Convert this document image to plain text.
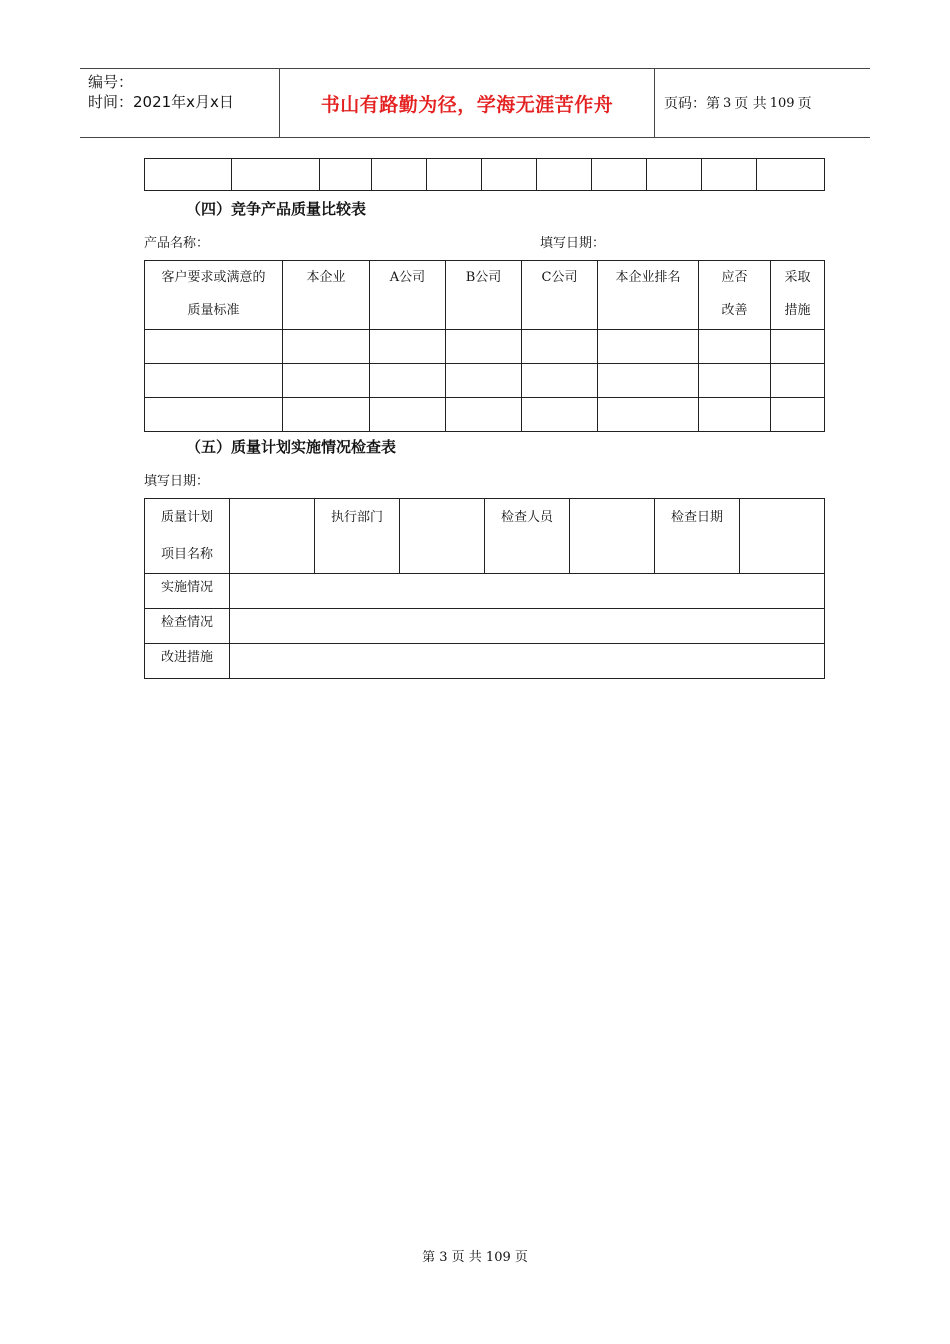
编号：
时间：2021年x月x日	书山有路勤为径，学海无涯苦作舟	页码：第 3 页 共 109 页

（四）竞争产品质量比较表
产品名称：	填写日期：
客户要求或满意的质量标准	本企业	A公司	B公司	C公司	本企业排名	应否改善	采取措施

（五）质量计划实施情况检查表
填写日期：
质量计划项目名称		执行部门		检查人员		检查日期	
实施情况							
检查情况							
改进措施							
第 3 页 共 109 页
